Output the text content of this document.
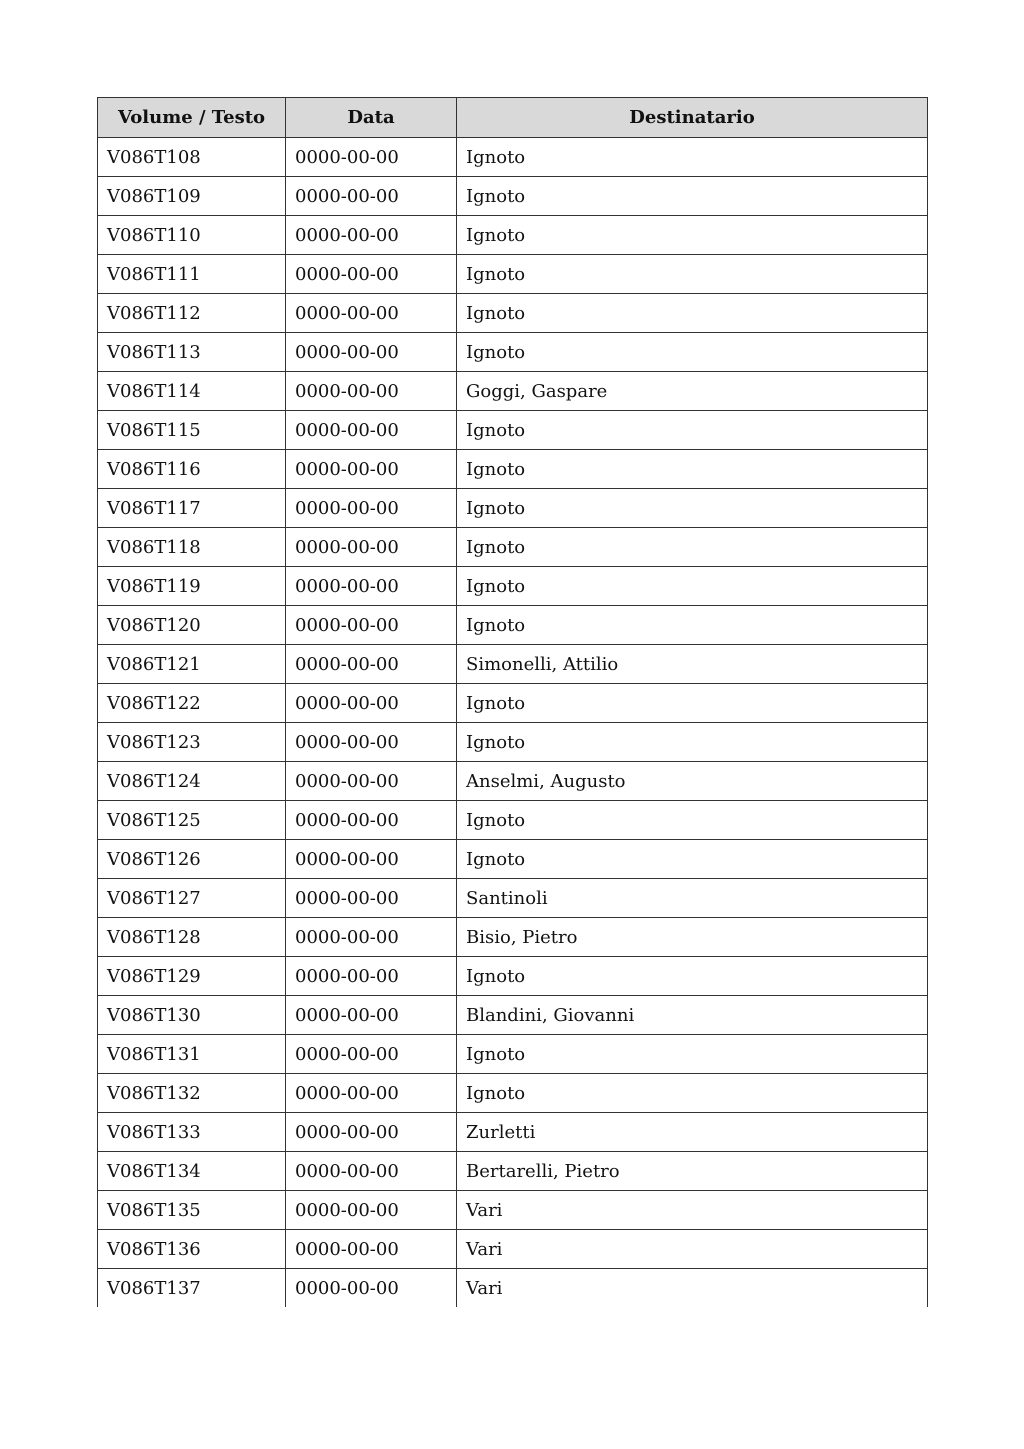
Volume / Testo	Data	Destinatario
V086T108	0000-00-00	Ignoto
V086T109	0000-00-00	Ignoto
V086T110	0000-00-00	Ignoto
V086T111	0000-00-00	Ignoto
V086T112	0000-00-00	Ignoto
V086T113	0000-00-00	Ignoto
V086T114	0000-00-00	Goggi, Gaspare
V086T115	0000-00-00	Ignoto
V086T116	0000-00-00	Ignoto
V086T117	0000-00-00	Ignoto
V086T118	0000-00-00	Ignoto
V086T119	0000-00-00	Ignoto
V086T120	0000-00-00	Ignoto
V086T121	0000-00-00	Simonelli, Attilio
V086T122	0000-00-00	Ignoto
V086T123	0000-00-00	Ignoto
V086T124	0000-00-00	Anselmi, Augusto
V086T125	0000-00-00	Ignoto
V086T126	0000-00-00	Ignoto
V086T127	0000-00-00	Santinoli
V086T128	0000-00-00	Bisio, Pietro
V086T129	0000-00-00	Ignoto
V086T130	0000-00-00	Blandini, Giovanni
V086T131	0000-00-00	Ignoto
V086T132	0000-00-00	Ignoto
V086T133	0000-00-00	Zurletti
V086T134	0000-00-00	Bertarelli, Pietro
V086T135	0000-00-00	Vari
V086T136	0000-00-00	Vari
V086T137	0000-00-00	Vari
